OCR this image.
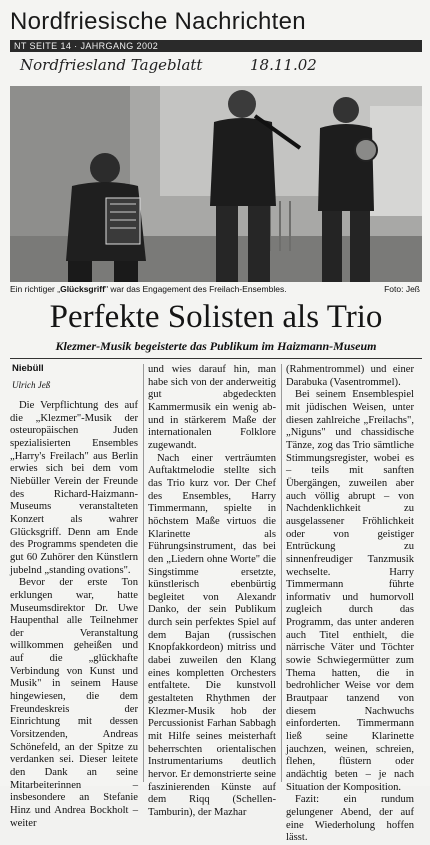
Nordfriesische Nachrichten
NT SEITE 14 · JAHRGANG 2002
Nordfriesland Tageblatt	18.11.02
Ein richtiger „Glücksgriff" war das Engagement des Freilach-Ensembles.	Foto: Jeß
Perfekte Solisten als Trio
Klezmer-Musik begeisterte das Publikum im Haizmann-Museum
Niebüll
Ulrich Jeß

Die Verpflichtung des auf die „Klezmer"-Musik der osteuropäischen Juden spezialisierten Ensembles „Harry's Freilach" aus Berlin erwies sich bei dem vom Niebüller Verein der Freunde des Richard-Haizmann-Museums veranstalteten Konzert als wahrer Glücksgriff. Denn am Ende des Programms spendeten die gut 60 Zuhörer den Künstlern jubelnd „standing ovations".

Bevor der erste Ton erklungen war, hatte Museumsdirektor Dr. Uwe Haupenthal alle Teilnehmer der Veranstaltung willkommen geheißen und auf die „glückhafte Verbindung von Kunst und Musik" in seinem Hause hingewiesen, die dem Freundeskreis der Einrichtung mit dessen Vorsitzenden, Andreas Schönefeld, an der Spitze zu verdanken sei. Dieser leitete den Dank an seine Mitarbeiterinnen – insbesondere an Stefanie Hinz und Andrea Bockholt – weiter

und wies darauf hin, man habe sich von der anderweitig gut abgedeckten Kammermusik ein wenig ab- und in stärkerem Maße der internationalen Folklore zugewandt.

Nach einer verträumten Auftaktmelodie stellte sich das Trio kurz vor. Der Chef des Ensembles, Harry Timmermann, spielte in höchstem Maße virtuos die Klarinette als Führungsinstrument, das bei den „Liedern ohne Worte" die Singstimme ersetzte, künstlerisch ebenbürtig begleitet von Alexandr Danko, der sein Publikum durch sein perfektes Spiel auf dem Bajan (russischen Knopfakkordeon) mitriss und dabei zuweilen den Klang eines kompletten Orchesters entfaltete. Die kunstvoll gestalteten Rhythmen der Klezmer-Musik hob der Percussionist Farhan Sabbagh mit Hilfe seines meisterhaft beherrschten orientalischen Instrumentariums deutlich hervor. Er demonstrierte seine faszinierenden Künste auf dem Riqq (Schellen-Tamburin), der Mazhar

(Rahmentrommel) und einer Darabuka (Vasentrommel).

Bei seinem Ensemblespiel mit jüdischen Weisen, unter diesen zahlreiche „Freilachs", „Niguns" und chassidische Tänze, zog das Trio sämtliche Stimmungsregister, wobei es – teils mit sanften Übergängen, zuweilen aber auch völlig abrupt – von Nachdenklichkeit zu ausgelassener Fröhlichkeit oder von geistiger Entrückung zu sinnenfreudiger Tanzmusik wechselte. Harry Timmermann führte informativ und humorvoll zugleich durch das Programm, das unter anderen auch Titel enthielt, die närrische Väter und Töchter sowie Schwiegermütter zum Thema hatten, die in bedrohlicher Weise vor dem Brautpaar tanzend von diesem Nachwuchs einforderten. Timmermann ließ seine Klarinette jauchzen, weinen, schreien, flehen, flüstern oder andächtig beten – je nach Situation der Komposition.

Fazit: ein rundum gelungener Abend, der auf eine Wiederholung hoffen lässt.
